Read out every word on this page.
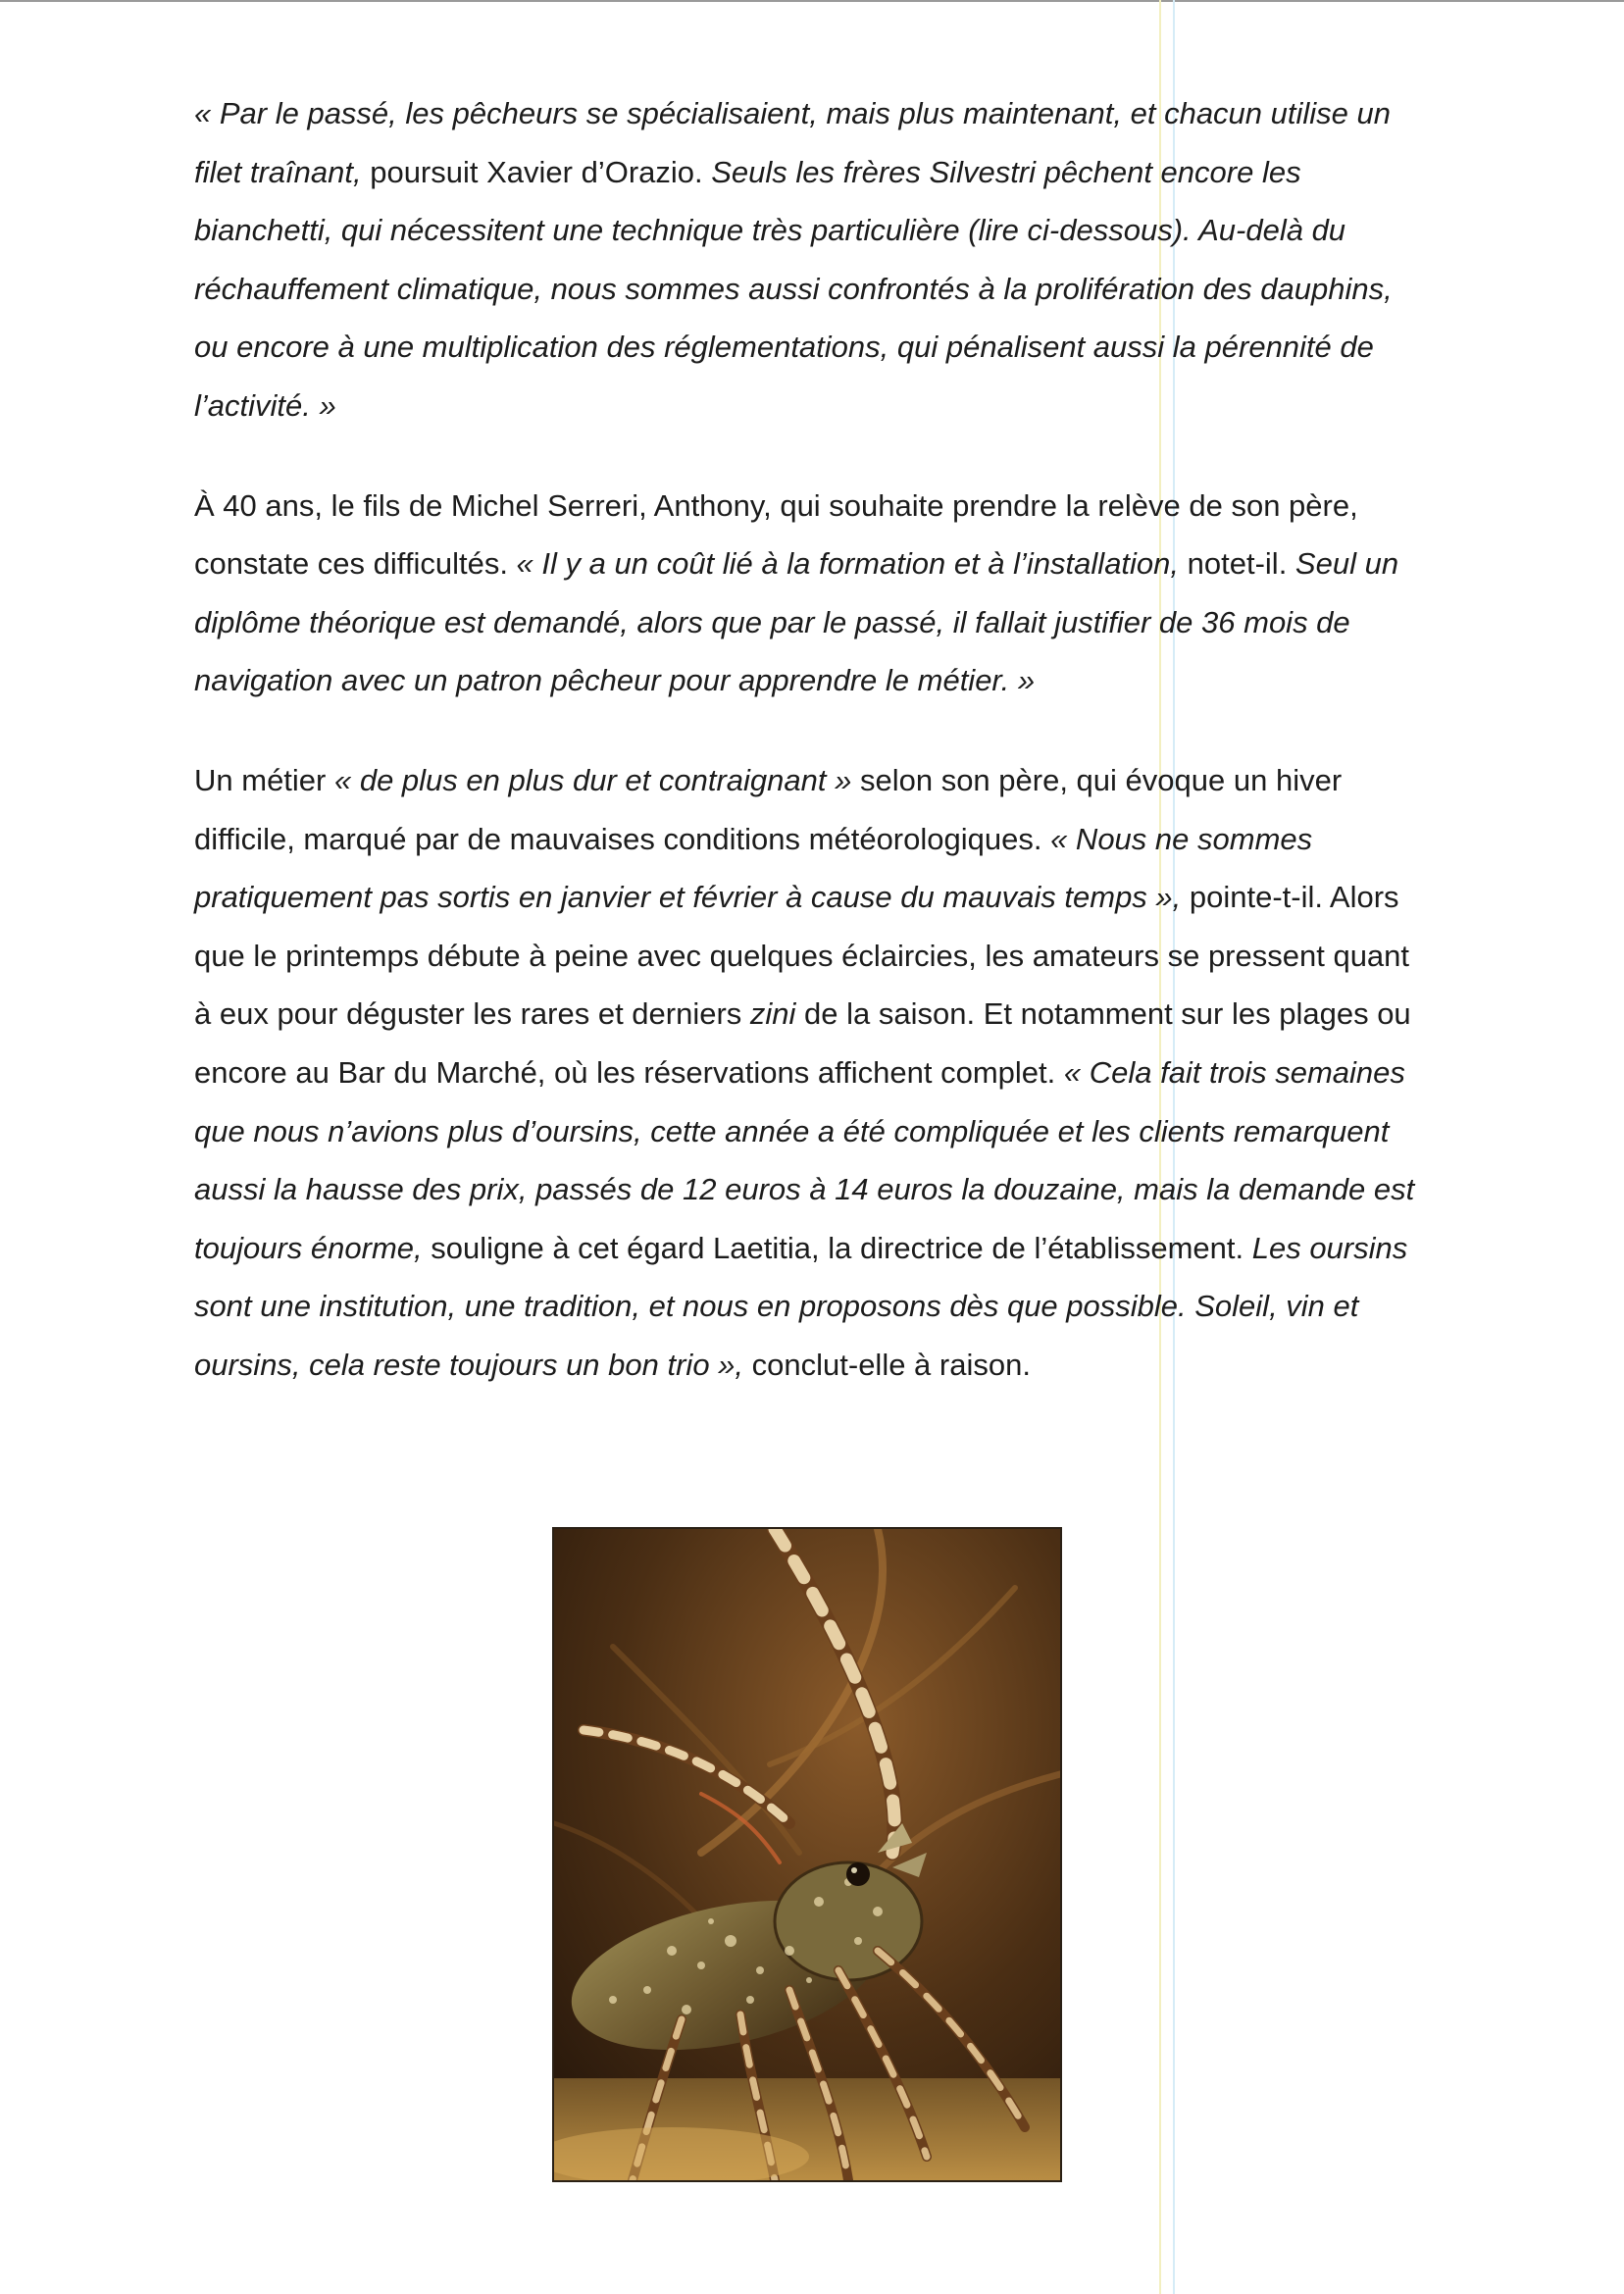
« Par le passé, les pêcheurs se spécialisaient, mais plus maintenant, et chacun utilise un filet traînant, poursuit Xavier d’Orazio. Seuls les frères Silvestri pêchent encore les bianchetti, qui nécessitent une technique très particulière (lire ci-dessous). Au-delà du réchauffement climatique, nous sommes aussi confrontés à la prolifération des dauphins, ou encore à une multiplication des réglementations, qui pénalisent aussi la pérennité de l’activité. »

À 40 ans, le fils de Michel Serreri, Anthony, qui souhaite prendre la relève de son père, constate ces difficultés. « Il y a un coût lié à la formation et à l’installation, notet-il. Seul un diplôme théorique est demandé, alors que par le passé, il fallait justifier de 36 mois de navigation avec un patron pêcheur pour apprendre le métier. »

Un métier « de plus en plus dur et contraignant » selon son père, qui évoque un hiver difficile, marqué par de mauvaises conditions météorologiques. « Nous ne sommes pratiquement pas sortis en janvier et février à cause du mauvais temps », pointe-t-il. Alors que le printemps débute à peine avec quelques éclaircies, les amateurs se pressent quant à eux pour déguster les rares et derniers zini de la saison. Et notamment sur les plages ou encore au Bar du Marché, où les réservations affichent complet. « Cela fait trois semaines que nous n’avions plus d’oursins, cette année a été compliquée et les clients remarquent aussi la hausse des prix, passés de 12 euros à 14 euros la douzaine, mais la demande est toujours énorme, souligne à cet égard Laetitia, la directrice de l’établissement. Les oursins sont une institution, une tradition, et nous en proposons dès que possible. Soleil, vin et oursins, cela reste toujours un bon trio », conclut-elle à raison.
